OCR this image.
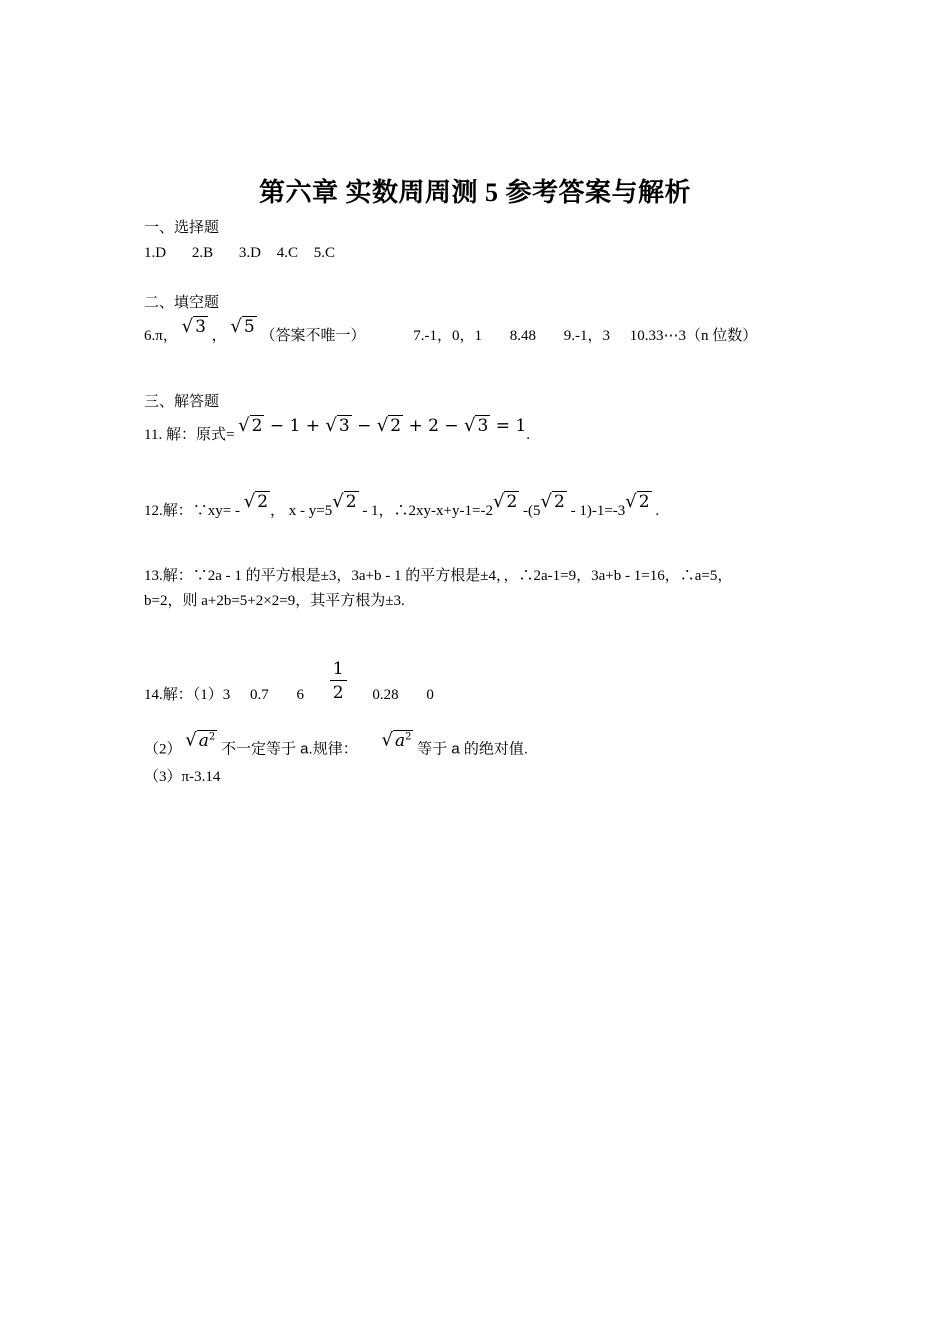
第六章 实数周周测 5 参考答案与解析
一、选择题
1.D 2.B 3.D 4.C 5.C
二、填空题
6.π， √ 3 ， √ 5 （答案不唯一）	7.-1，0，1 8.48 9.-1，3 10.33⋯3（n 位数）
三、解答题
11. 解：原式= √ 2 − 1 + √ 3 − √ 2 + 2 − √ 3 = 1.
12.解：∵xy= - √ 2 ， x - y=5√ 2 - 1，∴2xy-x+y-1=-2√ 2 -(5√ 2 - 1)-1=-3√ 2 .
13.解：∵2a - 1 的平方根是±3，3a+b - 1 的平方根是±4，，∴2a-1=9，3a+b - 1=16，∴a=5，
b=2，则 a+2b=5+2×2=9，其平方根为±3.
14.解：（1）3 0.7 $6 \frac{1}{2} 0.28$ 0
（2） √ $a^2$ 不一定等于 a.规律： √ $a^2$ 等于 a 的绝对值.
（3）π-3.14
